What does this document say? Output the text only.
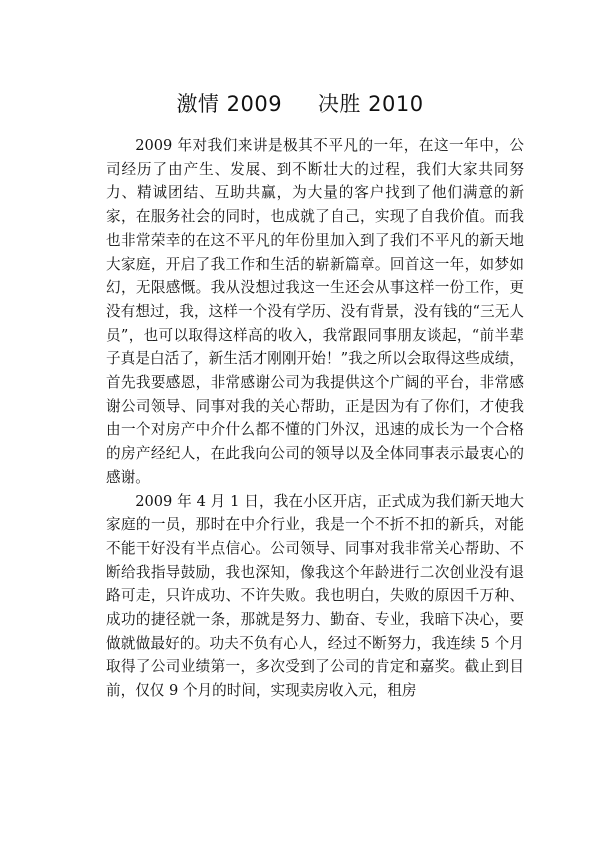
激情 2009     决胜 2010

2009 年对我们来讲是极其不平凡的一年，在这一年中，公司经历了由产生、发展、到不断壮大的过程，我们大家共同努力、精诚团结、互助共赢，为大量的客户找到了他们满意的新家，在服务社会的同时，也成就了自己，实现了自我价值。而我也非常荣幸的在这不平凡的年份里加入到了我们不平凡的新天地大家庭，开启了我工作和生活的崭新篇章。回首这一年，如梦如幻，无限感慨。我从没想过我这一生还会从事这样一份工作，更没有想过，我，这样一个没有学历、没有背景，没有钱的“三无人员”，也可以取得这样高的收入，我常跟同事朋友谈起，“前半辈子真是白活了，新生活才刚刚开始！”我之所以会取得这些成绩，首先我要感恩，非常感谢公司为我提供这个广阔的平台，非常感谢公司领导、同事对我的关心帮助，正是因为有了你们，才使我由一个对房产中介什么都不懂的门外汉，迅速的成长为一个合格的房产经纪人，在此我向公司的领导以及全体同事表示最衷心的感谢。

2009 年 4 月 1 日，我在小区开店，正式成为我们新天地大家庭的一员，那时在中介行业，我是一个不折不扣的新兵，对能不能干好没有半点信心。公司领导、同事对我非常关心帮助、不断给我指导鼓励，我也深知，像我这个年龄进行二次创业没有退路可走，只许成功、不许失败。我也明白，失败的原因千万种、成功的捷径就一条，那就是努力、勤奋、专业，我暗下决心，要做就做最好的。功夫不负有心人，经过不断努力，我连续 5 个月取得了公司业绩第一，多次受到了公司的肯定和嘉奖。截止到目前，仅仅 9 个月的时间，实现卖房收入元，租房
